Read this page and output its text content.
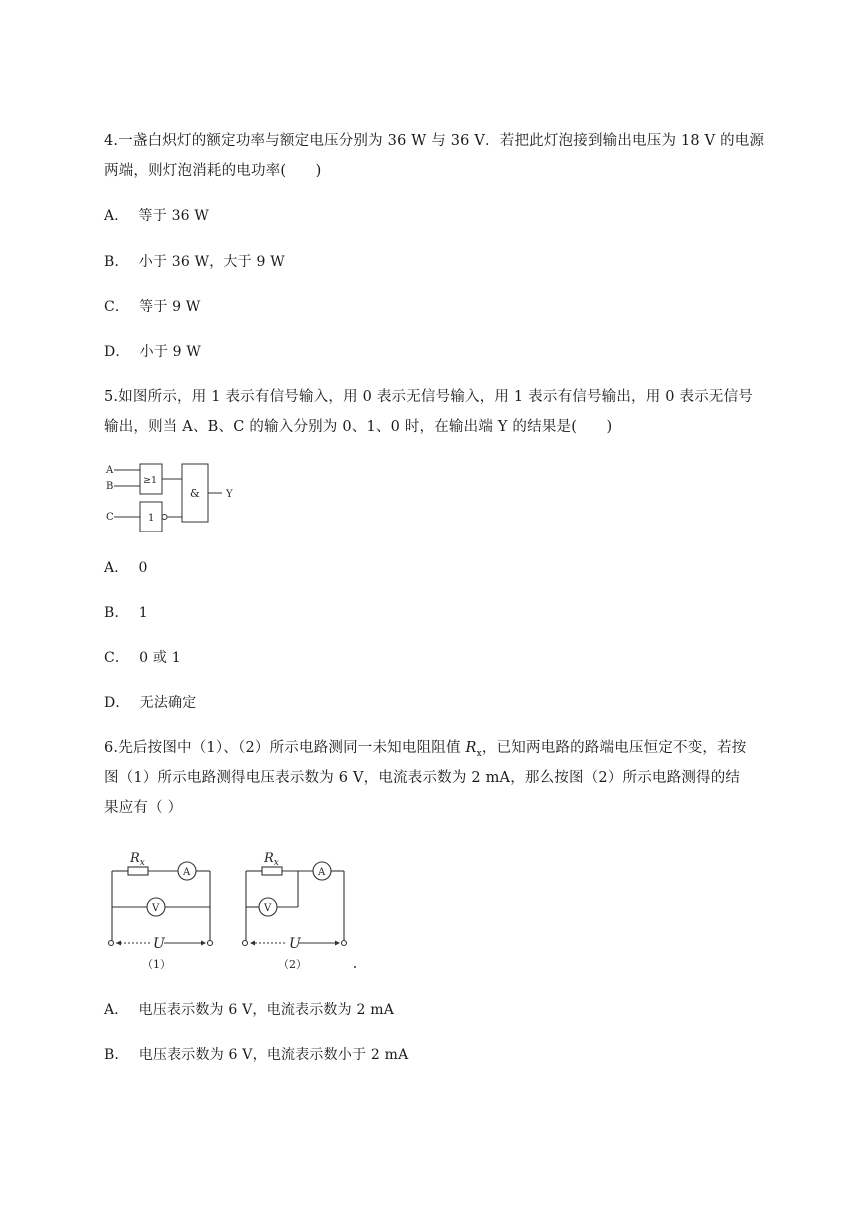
4.一盏白炽灯的额定功率与额定电压分别为 36 W 与 36 V．若把此灯泡接到输出电压为 18 V 的电源
两端，则灯泡消耗的电功率(　　)
A． 等于 36 W
B． 小于 36 W，大于 9 W
C． 等于 9 W
D． 小于 9 W
5.如图所示，用 1 表示有信号输入，用 0 表示无信号输入，用 1 表示有信号输出，用 0 表示无信号
输出，则当 A、B、C 的输入分别为 0、1、0 时，在输出端 Y 的结果是(　　)
A
B
C
≥1
1
&	Y
A． 0
B． 1
C． 0 或 1
D． 无法确定
6.先后按图中（1）、（2）所示电路测同一未知电阻阻值 $R_x$，已知两电路的路端电压恒定不变，若按
图（1）所示电路测得电压表示数为 6 V，电流表示数为 2 mA，那么按图（2）所示电路测得的结
果应有（ ）
$R_x$
A
V
U
（1）
$R_x$
A
V
U
（2）
A． 电压表示数为 6 V，电流表示数为 2 mA
B． 电压表示数为 6 V，电流表示数小于 2 mA
